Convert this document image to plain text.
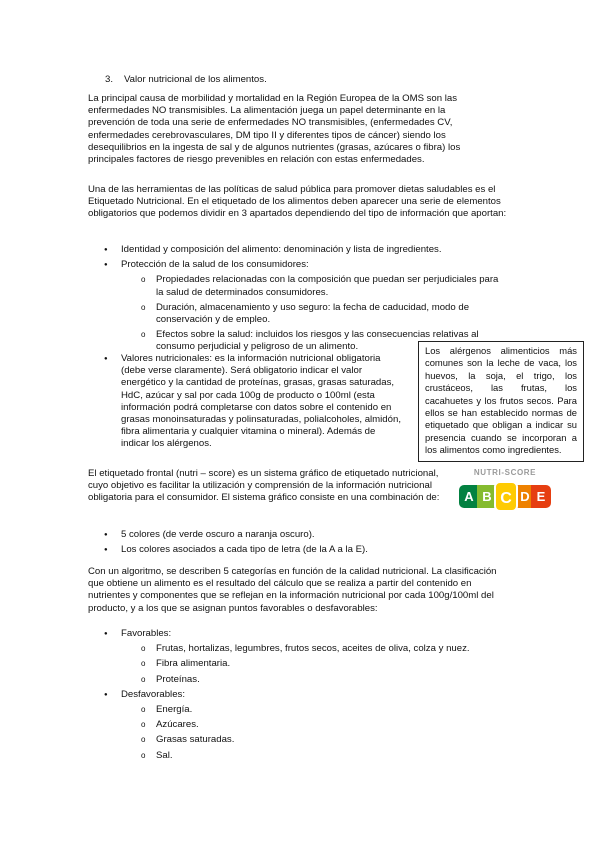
3. Valor nutricional de los alimentos.
La principal causa de morbilidad y mortalidad en la Región Europea de la OMS son las enfermedades NO transmisibles. La alimentación juega un papel determinante en la prevención de toda una serie de enfermedades NO transmisibles, (enfermedades CV, enfermedades cerebrovasculares, DM tipo II y diferentes tipos de cáncer) siendo los desequilibrios en la ingesta de sal y de algunos nutrientes (grasas, azúcares o fibra) los principales factores de riesgo prevenibles en relación con estas enfermedades.
Una de las herramientas de las políticas de salud pública para promover dietas saludables es el Etiquetado Nutricional. En el etiquetado de los alimentos deben aparecer una serie de elementos obligatorios que podemos dividir en 3 apartados dependiendo del tipo de información que aportan:
● Identidad y composición del alimento: denominación y lista de ingredientes.
● Protección de la salud de los consumidores:
o Propiedades relacionadas con la composición que puedan ser perjudiciales para la salud de determinados consumidores.
o Duración, almacenamiento y uso seguro: la fecha de caducidad, modo de conservación y de empleo.
o Efectos sobre la salud: incluidos los riesgos y las consecuencias relativas al consumo perjudicial y peligroso de un alimento.
● Valores nutricionales: es la información nutricional obligatoria (debe verse claramente). Será obligatorio indicar el valor energético y la cantidad de proteínas, grasas, grasas saturadas, HdC, azúcar y sal por cada 100g de producto o 100ml (esta información podrá completarse con datos sobre el contenido en grasas monoinsaturadas y polinsaturadas, polialcoholes, almidón, fibra alimentaria y cualquier vitamina o mineral). Además de indicar los alérgenos.
Los alérgenos alimenticios más comunes son la leche de vaca, los huevos, la soja, el trigo, los crustáceos, las frutas, los cacahuetes y los frutos secos. Para ellos se han establecido normas de etiquetado que obligan a indicar su presencia cuando se incorporan a los alimentos como ingredientes.
El etiquetado frontal (nutri – score) es un sistema gráfico de etiquetado nutricional, cuyo objetivo es facilitar la utilización y comprensión de la información nutricional obligatoria para el consumidor. El sistema gráfico consiste en una combinación de:
NUTRI-SCORE
A B	D E
C
● 5 colores (de verde oscuro a naranja oscuro).
● Los colores asociados a cada tipo de letra (de la A a la E).
Con un algoritmo, se describen 5 categorías en función de la calidad nutricional. La clasificación que obtiene un alimento es el resultado del cálculo que se realiza a partir del contenido en nutrientes y componentes que se reflejan en la información nutricional por cada 100g/100ml del producto, y a los que se asignan puntos favorables o desfavorables:
● Favorables:
o Frutas, hortalizas, legumbres, frutos secos, aceites de oliva, colza y nuez.
o Fibra alimentaria.
o Proteínas.
● Desfavorables:
o Energía.
o Azúcares.
o Grasas saturadas.
o Sal.
